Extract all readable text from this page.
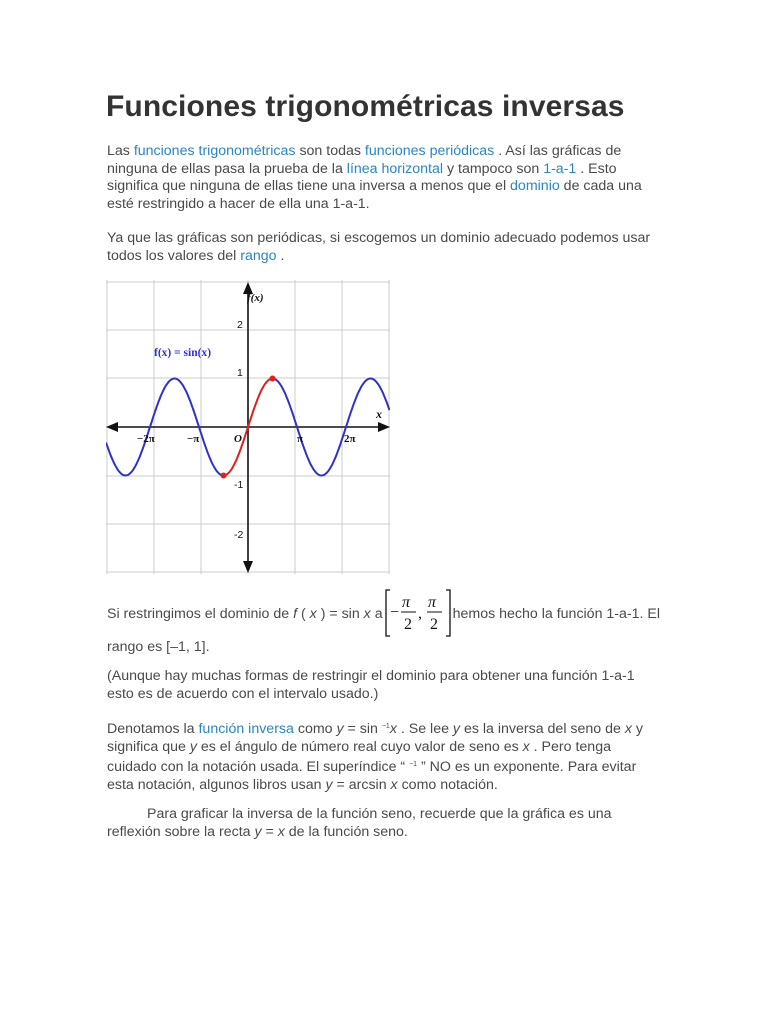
Funciones trigonométricas inversas

Las funciones trigonométricas son todas funciones periódicas . Así las gráficas de ninguna de ellas pasa la prueba de la línea horizontal y tampoco son 1-a-1 . Esto significa que ninguna de ellas tiene una inversa a menos que el dominio de cada una esté restringido a hacer de ella una 1-a-1.

Ya que las gráficas son periódicas, si escogemos un dominio adecuado podemos usar todos los valores del rango .

f(x)
x
f(x) = sin(x)
O
2
1
-1
-2
−2π	−π	π	2π

Si restringimos el dominio de f ( x ) = sin x a −
π
2
,
π
2
hemos hecho la función 1-a-1. El rango es [–1, 1].

(Aunque hay muchas formas de restringir el dominio para obtener una función 1-a-1 esto es de acuerdo con el intervalo usado.)

Denotamos la función inversa como y = sin $^{-1}$x . Se lee y es la inversa del seno de x y significa que y es el ángulo de número real cuyo valor de seno es x . Pero tenga cuidado con la notación usada. El superíndice “ $^{-1}$ ” NO es un exponente. Para evitar esta notación, algunos libros usan y = arcsin x como notación.

Para graficar la inversa de la función seno, recuerde que la gráfica es una reflexión sobre la recta y = x de la función seno.
